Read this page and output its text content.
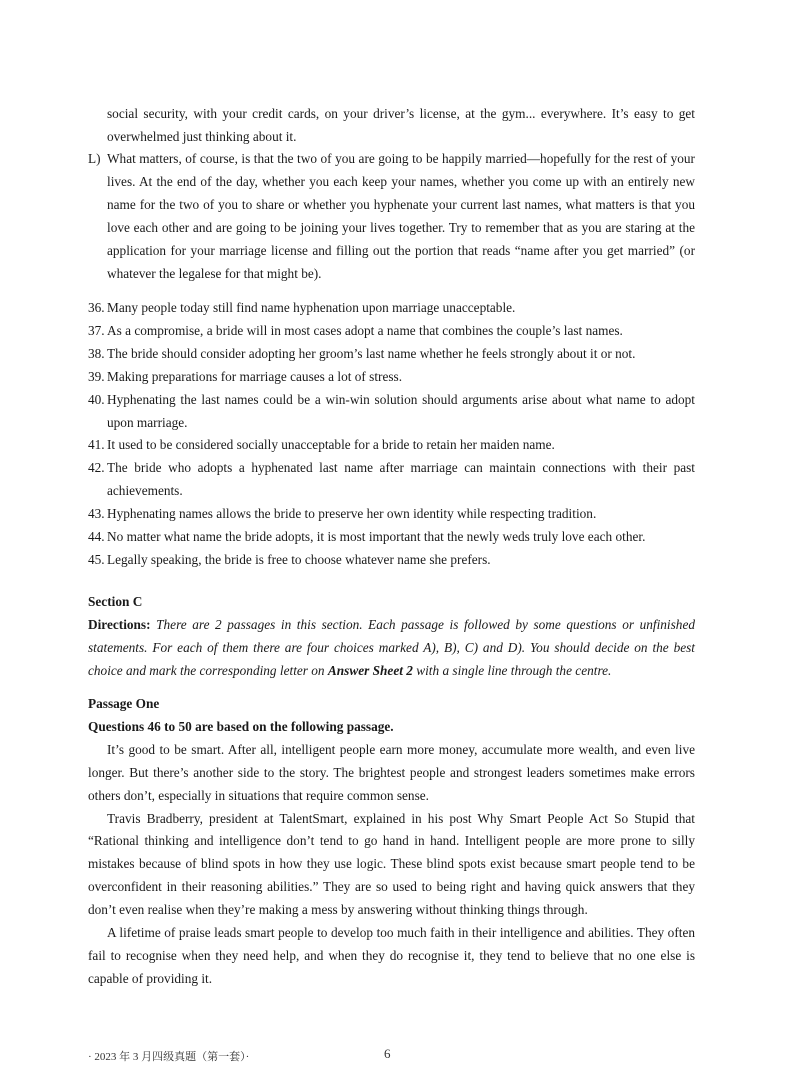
social security, with your credit cards, on your driver’s license, at the gym... everywhere. It’s easy to get overwhelmed just thinking about it.
L) What matters, of course, is that the two of you are going to be happily married—hopefully for the rest of your lives. At the end of the day, whether you each keep your names, whether you come up with an entirely new name for the two of you to share or whether you hyphenate your current last names, what matters is that you love each other and are going to be joining your lives together. Try to remember that as you are staring at the application for your marriage license and filling out the portion that reads “name after you get married” (or whatever the legalese for that might be).
36. Many people today still find name hyphenation upon marriage unacceptable.
37. As a compromise, a bride will in most cases adopt a name that combines the couple’s last names.
38. The bride should consider adopting her groom’s last name whether he feels strongly about it or not.
39. Making preparations for marriage causes a lot of stress.
40. Hyphenating the last names could be a win-win solution should arguments arise about what name to adopt upon marriage.
41. It used to be considered socially unacceptable for a bride to retain her maiden name.
42. The bride who adopts a hyphenated last name after marriage can maintain connections with their past achievements.
43. Hyphenating names allows the bride to preserve her own identity while respecting tradition.
44. No matter what name the bride adopts, it is most important that the newly weds truly love each other.
45. Legally speaking, the bride is free to choose whatever name she prefers.
Section C
Directions: There are 2 passages in this section. Each passage is followed by some questions or unfinished statements. For each of them there are four choices marked A), B), C) and D). You should decide on the best choice and mark the corresponding letter on Answer Sheet 2 with a single line through the centre.
Passage One
Questions 46 to 50 are based on the following passage.
It’s good to be smart. After all, intelligent people earn more money, accumulate more wealth, and even live longer. But there’s another side to the story. The brightest people and strongest leaders sometimes make errors others don’t, especially in situations that require common sense.
Travis Bradberry, president at TalentSmart, explained in his post Why Smart People Act So Stupid that “Rational thinking and intelligence don’t tend to go hand in hand. Intelligent people are more prone to silly mistakes because of blind spots in how they use logic. These blind spots exist because smart people tend to be overconfident in their reasoning abilities.” They are so used to being right and having quick answers that they don’t even realise when they’re making a mess by answering without thinking things through.
A lifetime of praise leads smart people to develop too much faith in their intelligence and abilities. They often fail to recognise when they need help, and when they do recognise it, they tend to believe that no one else is capable of providing it.
· 2023 年 3 月四级真题（第一套）·	6
